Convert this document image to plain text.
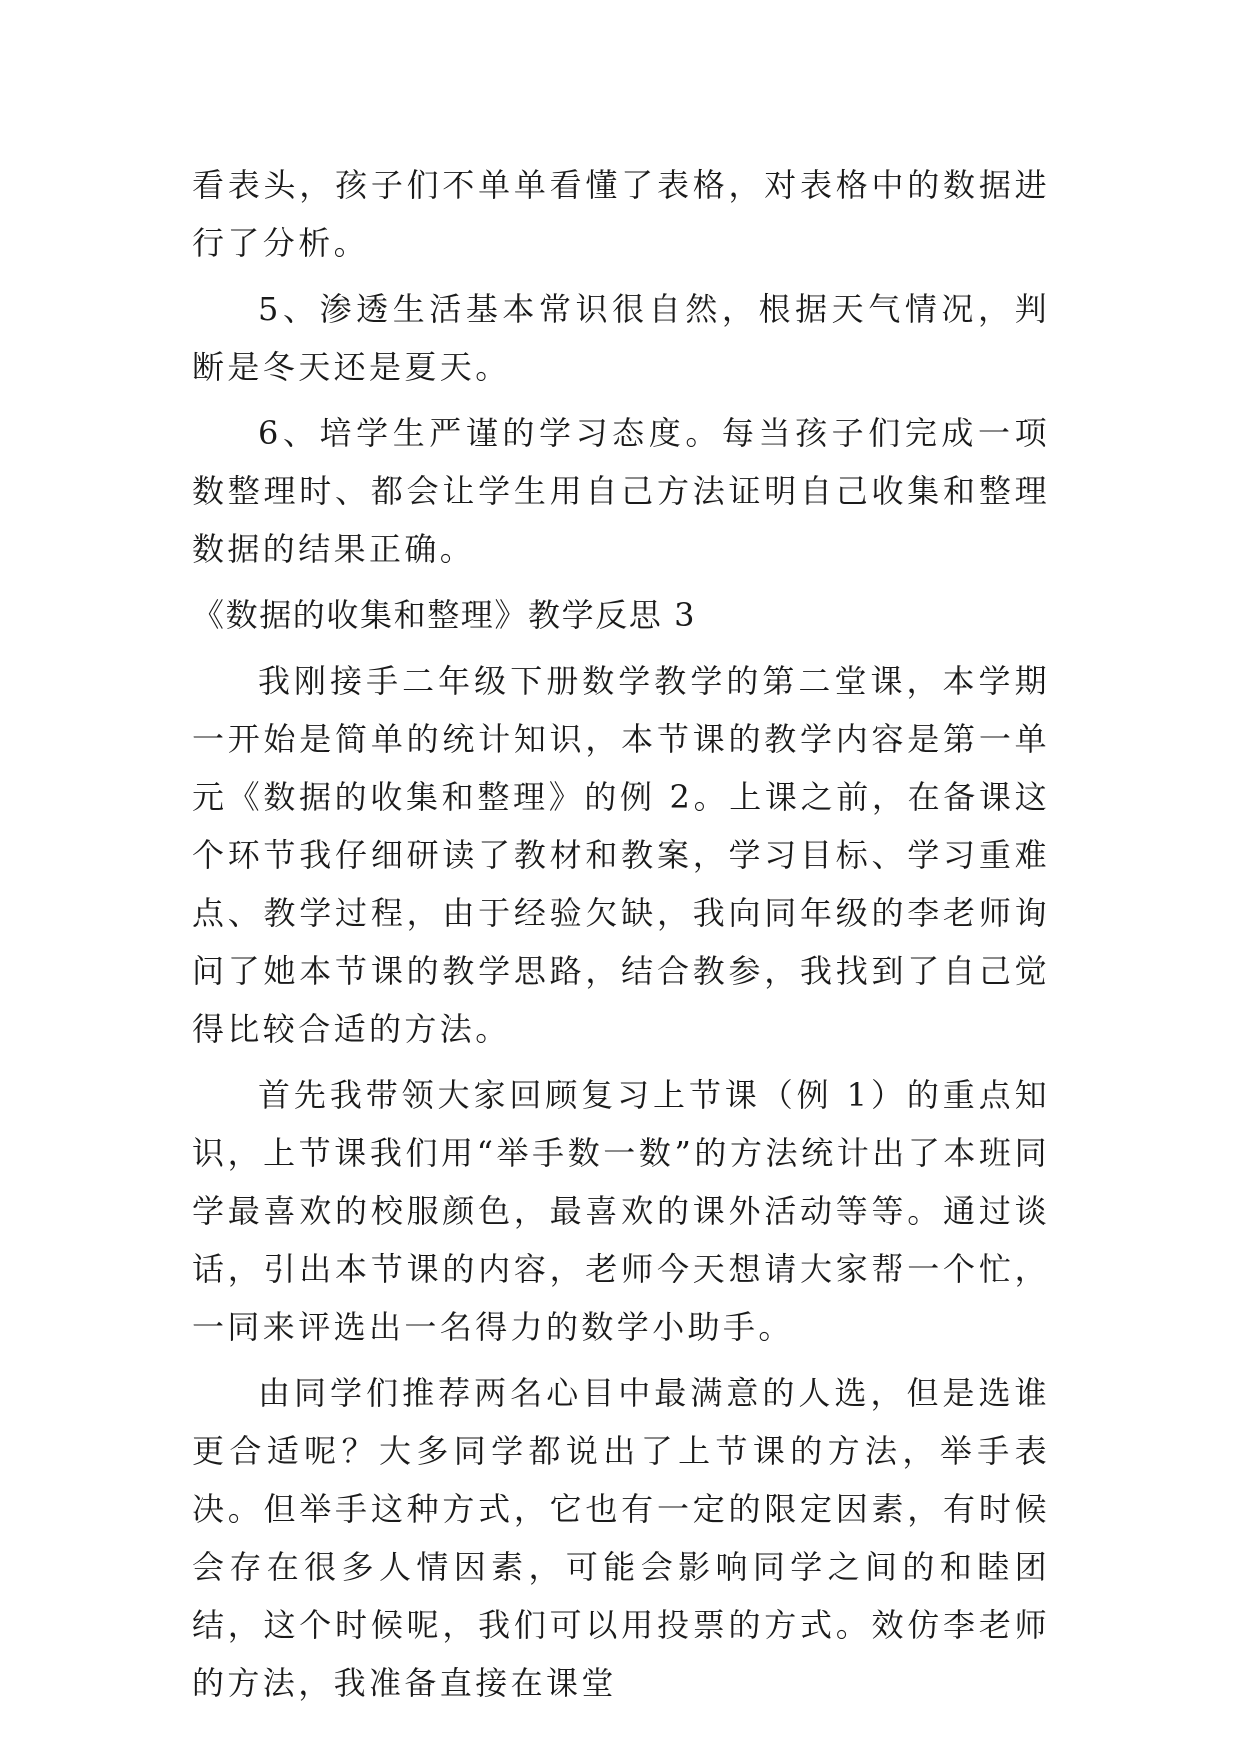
看表头，孩子们不单单看懂了表格，对表格中的数据进行了分析。

5、渗透生活基本常识很自然，根据天气情况，判断是冬天还是夏天。

6、培学生严谨的学习态度。每当孩子们完成一项数整理时、都会让学生用自己方法证明自己收集和整理数据的结果正确。

《数据的收集和整理》教学反思 3

我刚接手二年级下册数学教学的第二堂课，本学期一开始是简单的统计知识，本节课的教学内容是第一单元《数据的收集和整理》的例 2。上课之前，在备课这个环节我仔细研读了教材和教案，学习目标、学习重难点、教学过程，由于经验欠缺，我向同年级的李老师询问了她本节课的教学思路，结合教参，我找到了自己觉得比较合适的方法。

首先我带领大家回顾复习上节课（例 1）的重点知识，上节课我们用“举手数一数”的方法统计出了本班同学最喜欢的校服颜色，最喜欢的课外活动等等。通过谈话，引出本节课的内容，老师今天想请大家帮一个忙，一同来评选出一名得力的数学小助手。

由同学们推荐两名心目中最满意的人选，但是选谁更合适呢？大多同学都说出了上节课的方法，举手表决。但举手这种方式，它也有一定的限定因素，有时候会存在很多人情因素，可能会影响同学之间的和睦团结，这个时候呢，我们可以用投票的方式。效仿李老师的方法，我准备直接在课堂
